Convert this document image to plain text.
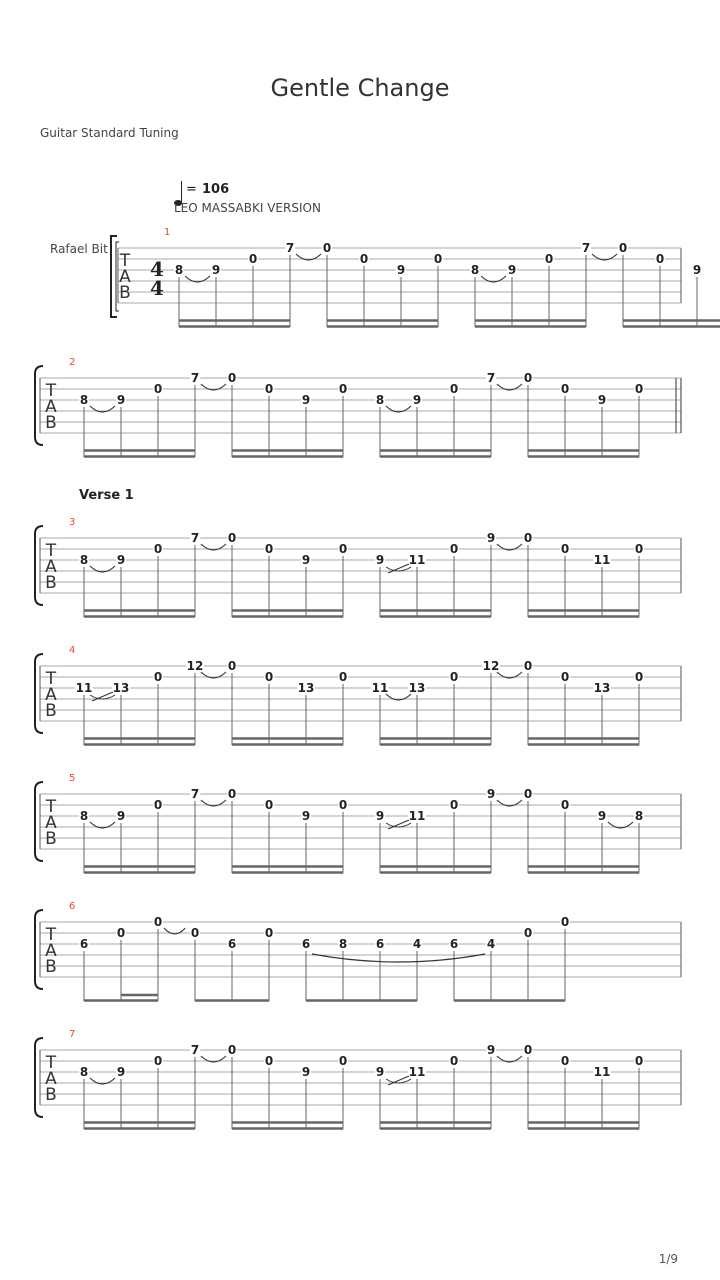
Gentle Change
Guitar Standard Tuning
= 106
LEO MASSABKI VERSION
Rafael Bit
T
A
B
4
4
1
8 9
0
7 0
0
9
0
8 9
0
7 0
0
9
T
A
B
2
8 9
0
7 0
0
9
0
8 9
0
7 0
0
9
0
T
A
B
3
Verse 1
8 9
0
7 0
0
9
0
9 11
0
9 0
0
11
0
T
A
B
4
11 13
0
12 0
0
13
0
11 13
0
12 0
0
13
0
T
A
B
5
8 9
0
7 0
0
9
0
9 11
0
9 0
0
9 8
T
A
B
6
6
0
0
0
6
0
6 8 6 4 6 4
0
0
T
A
B
7
8 9
0
7 0
0
9
0
9 11
0
9 0
0
11
0
1/9
